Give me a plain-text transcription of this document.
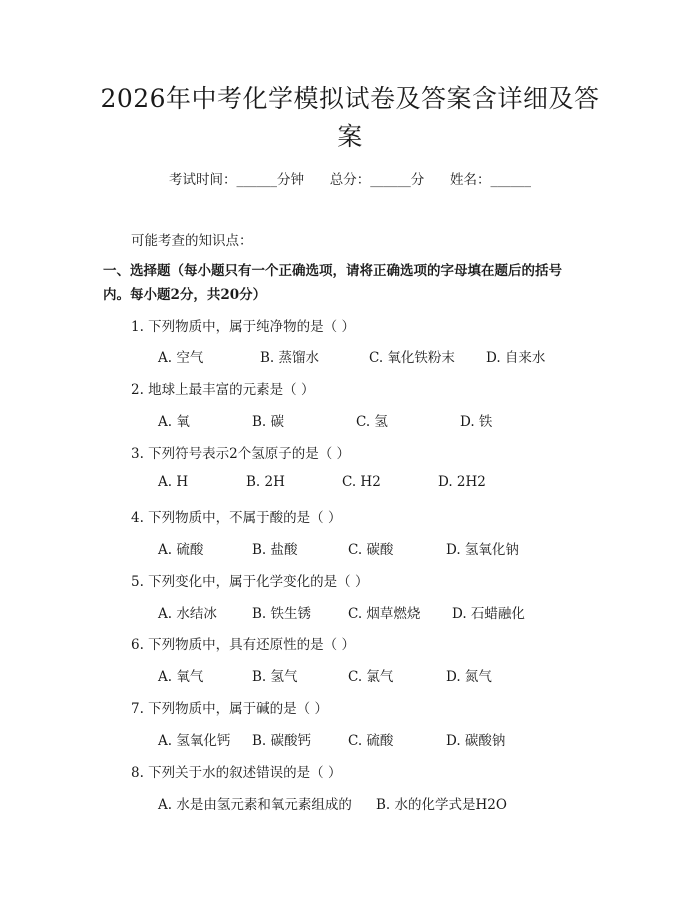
2026年中考化学模拟试卷及答案含详细及答案
考试时间：______分钟 总分：______分 姓名：______
可能考查的知识点：
一、选择题（每小题只有一个正确选项，请将正确选项的字母填在题后的括号内。每小题2分，共20分）
1. 下列物质中，属于纯净物的是（ ）
A. 空气	B. 蒸馏水	C. 氧化铁粉末 D. 自来水
2. 地球上最丰富的元素是（ ）
A. 氧	B. 碳	C. 氢	D. 铁
3. 下列符号表示2个氢原子的是（ ）
A. H	B. 2H	C. H2	D. 2H2
4. 下列物质中，不属于酸的是（ ）
A. 硫酸	B. 盐酸	C. 碳酸	D. 氢氧化钠
5. 下列变化中，属于化学变化的是（ ）
A. 水结冰	B. 铁生锈	C. 烟草燃烧 D. 石蜡融化
6. 下列物质中，具有还原性的是（ ）
A. 氧气	B. 氢气	C. 氯气	D. 氮气
7. 下列物质中，属于碱的是（ ）
A. 氢氧化钙 B. 碳酸钙	C. 硫酸	D. 碳酸钠
8. 下列关于水的叙述错误的是（ ）
A. 水是由氢元素和氧元素组成的 B. 水的化学式是H2O
